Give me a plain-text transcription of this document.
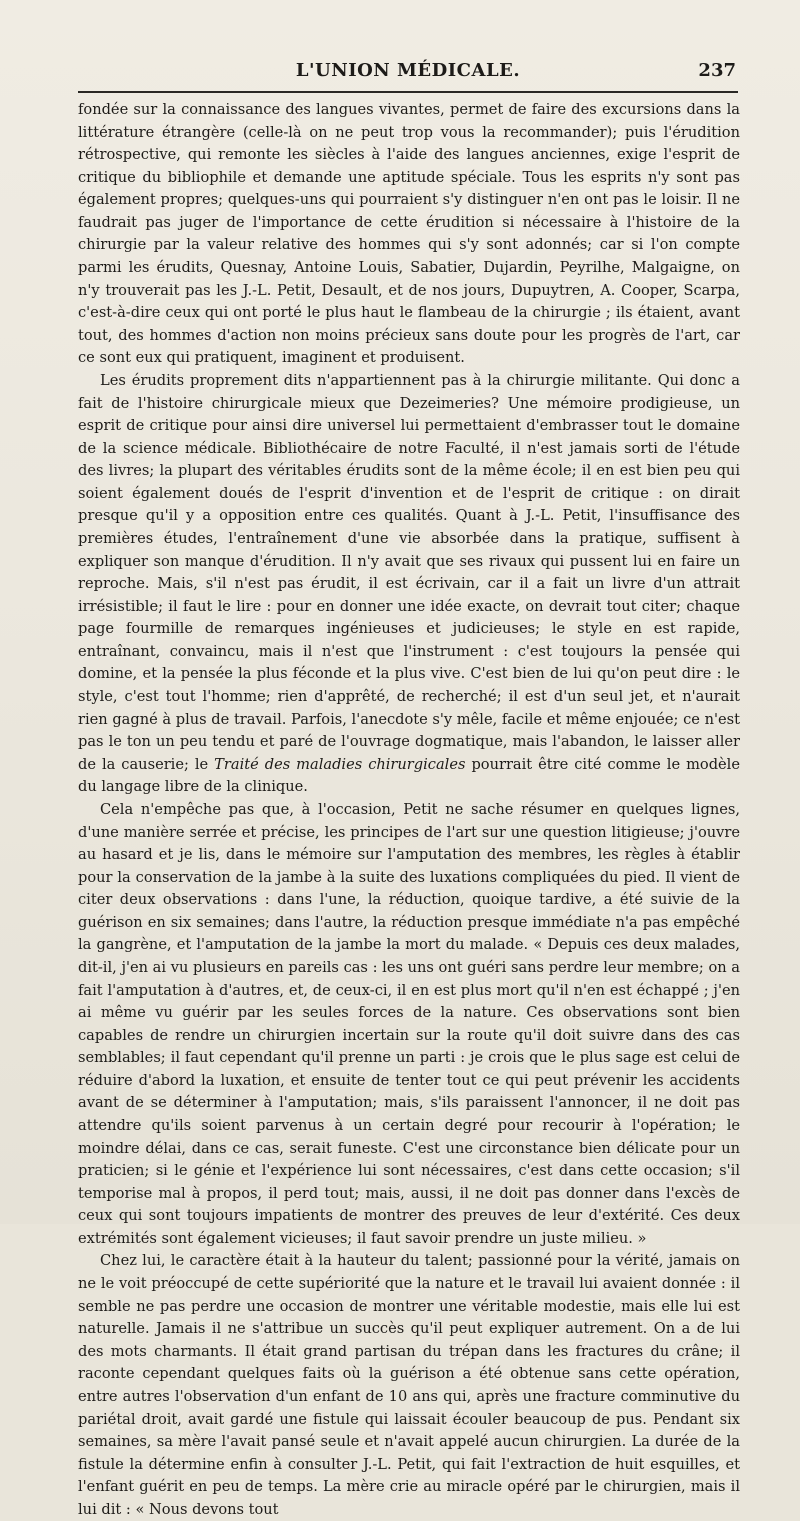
L'UNION MÉDICALE.	237

fondée sur la connaissance des langues vivantes, permet de faire des excursions dans la littérature étrangère (celle-là on ne peut trop vous la recommander); puis l'érudition rétrospective, qui remonte les siècles à l'aide des langues anciennes, exige l'esprit de critique du bibliophile et demande une aptitude spéciale. Tous les esprits n'y sont pas également propres; quelques-uns qui pourraient s'y distinguer n'en ont pas le loisir. Il ne faudrait pas juger de l'importance de cette érudition si nécessaire à l'histoire de la chirurgie par la valeur relative des hommes qui s'y sont adonnés; car si l'on compte parmi les érudits, Quesnay, Antoine Louis, Sabatier, Dujardin, Peyrilhe, Malgaigne, on n'y trouverait pas les J.-L. Petit, Desault, et de nos jours, Dupuytren, A. Cooper, Scarpa, c'est-à-dire ceux qui ont porté le plus haut le flambeau de la chirurgie ; ils étaient, avant tout, des hommes d'action non moins précieux sans doute pour les progrès de l'art, car ce sont eux qui pratiquent, imaginent et produisent.

Les érudits proprement dits n'appartiennent pas à la chirurgie militante. Qui donc a fait de l'histoire chirurgicale mieux que Dezeimeries? Une mémoire prodigieuse, un esprit de critique pour ainsi dire universel lui permettaient d'embrasser tout le domaine de la science médicale. Bibliothécaire de notre Faculté, il n'est jamais sorti de l'étude des livres; la plupart des véritables érudits sont de la même école; il en est bien peu qui soient également doués de l'esprit d'invention et de l'esprit de critique : on dirait presque qu'il y a opposition entre ces qualités. Quant à J.-L. Petit, l'insuffisance des premières études, l'entraînement d'une vie absorbée dans la pratique, suffisent à expliquer son manque d'érudition. Il n'y avait que ses rivaux qui pussent lui en faire un reproche. Mais, s'il n'est pas érudit, il est écrivain, car il a fait un livre d'un attrait irrésistible; il faut le lire : pour en donner une idée exacte, on devrait tout citer; chaque page fourmille de remarques ingénieuses et judicieuses; le style en est rapide, entraînant, convaincu, mais il n'est que l'instrument : c'est toujours la pensée qui domine, et la pensée la plus féconde et la plus vive. C'est bien de lui qu'on peut dire : le style, c'est tout l'homme; rien d'apprêté, de recherché; il est d'un seul jet, et n'aurait rien gagné à plus de travail. Parfois, l'anecdote s'y mêle, facile et même enjouée; ce n'est pas le ton un peu tendu et paré de l'ouvrage dogmatique, mais l'abandon, le laisser aller de la causerie; le Traité des maladies chirurgicales pourrait être cité comme le modèle du langage libre de la clinique.

Cela n'empêche pas que, à l'occasion, Petit ne sache résumer en quelques lignes, d'une manière serrée et précise, les principes de l'art sur une question litigieuse; j'ouvre au hasard et je lis, dans le mémoire sur l'amputation des membres, les règles à établir pour la conservation de la jambe à la suite des luxations compliquées du pied. Il vient de citer deux observations : dans l'une, la réduction, quoique tardive, a été suivie de la guérison en six semaines; dans l'autre, la réduction presque immédiate n'a pas empêché la gangrène, et l'amputation de la jambe la mort du malade. « Depuis ces deux malades, dit-il, j'en ai vu plusieurs en pareils cas : les uns ont guéri sans perdre leur membre; on a fait l'amputation à d'autres, et, de ceux-ci, il en est plus mort qu'il n'en est échappé ; j'en ai même vu guérir par les seules forces de la nature. Ces observations sont bien capables de rendre un chirurgien incertain sur la route qu'il doit suivre dans des cas semblables; il faut cependant qu'il prenne un parti : je crois que le plus sage est celui de réduire d'abord la luxation, et ensuite de tenter tout ce qui peut prévenir les accidents avant de se déterminer à l'amputation; mais, s'ils paraissent l'annoncer, il ne doit pas attendre qu'ils soient parvenus à un certain degré pour recourir à l'opération; le moindre délai, dans ce cas, serait funeste. C'est une circonstance bien délicate pour un praticien; si le génie et l'expérience lui sont nécessaires, c'est dans cette occasion; s'il temporise mal à propos, il perd tout; mais, aussi, il ne doit pas donner dans l'excès de ceux qui sont toujours impatients de montrer des preuves de leur d'extérité. Ces deux extrémités sont également vicieuses; il faut savoir prendre un juste milieu. »

Chez lui, le caractère était à la hauteur du talent; passionné pour la vérité, jamais on ne le voit préoccupé de cette supériorité que la nature et le travail lui avaient donnée : il semble ne pas perdre une occasion de montrer une véritable modestie, mais elle lui est naturelle. Jamais il ne s'attribue un succès qu'il peut expliquer autrement. On a de lui des mots charmants. Il était grand partisan du trépan dans les fractures du crâne; il raconte cependant quelques faits où la guérison a été obtenue sans cette opération, entre autres l'observation d'un enfant de 10 ans qui, après une fracture comminutive du pariétal droit, avait gardé une fistule qui laissait écouler beaucoup de pus. Pendant six semaines, sa mère l'avait pansé seule et n'avait appelé aucun chirurgien. La durée de la fistule la détermine enfin à consulter J.-L. Petit, qui fait l'extraction de huit esquilles, et l'enfant guérit en peu de temps. La mère crie au miracle opéré par le chirurgien, mais il lui dit : « Nous devons tout
